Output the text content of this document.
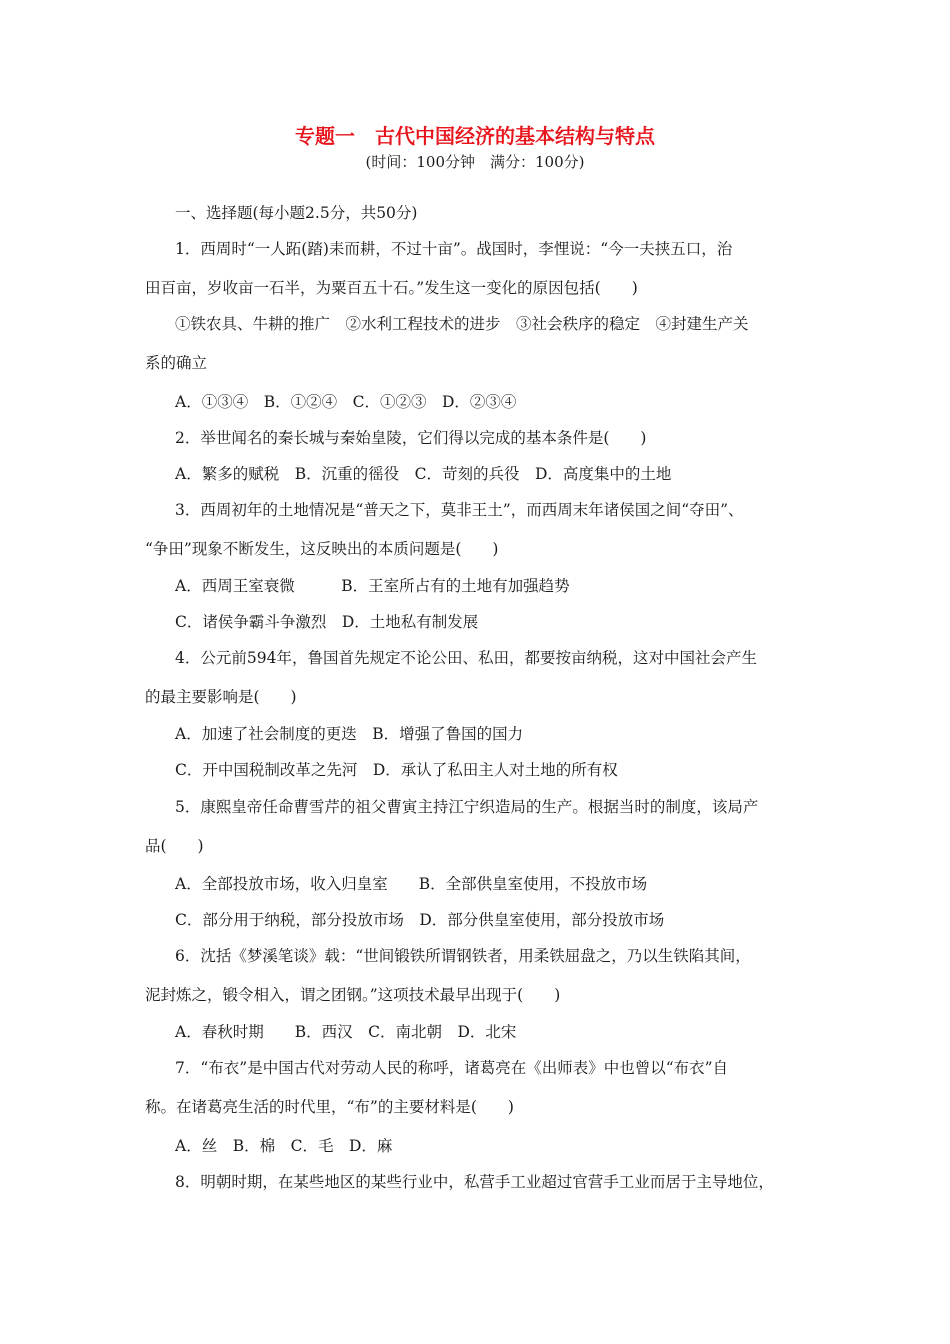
专题一　古代中国经济的基本结构与特点
(时间：100分钟　满分：100分)
一、选择题(每小题2.5分，共50分)
1．西周时“一人跖(踏)耒而耕，不过十亩”。战国时，李悝说：“今一夫挟五口，治
田百亩，岁收亩一石半，为粟百五十石。”发生这一变化的原因包括(　　)
①铁农具、牛耕的推广　②水利工程技术的进步　③社会秩序的稳定　④封建生产关
系的确立
A．①③④　B．①②④　C．①②③　D．②③④
2．举世闻名的秦长城与秦始皇陵，它们得以完成的基本条件是(　　)
A．繁多的赋税　B．沉重的徭役　C．苛刻的兵役　D．高度集中的土地
3．西周初年的土地情况是“普天之下，莫非王土”，而西周末年诸侯国之间“夺田”、
“争田”现象不断发生，这反映出的本质问题是(　　)
A．西周王室衰微　　　B．王室所占有的土地有加强趋势
C．诸侯争霸斗争激烈　D．土地私有制发展
4．公元前594年，鲁国首先规定不论公田、私田，都要按亩纳税，这对中国社会产生
的最主要影响是(　　)
A．加速了社会制度的更迭　B．增强了鲁国的国力
C．开中国税制改革之先河　D．承认了私田主人对土地的所有权
5．康熙皇帝任命曹雪芹的祖父曹寅主持江宁织造局的生产。根据当时的制度，该局产
品(　　)
A．全部投放市场，收入归皇室　　B．全部供皇室使用，不投放市场
C．部分用于纳税，部分投放市场　D．部分供皇室使用，部分投放市场
6．沈括《梦溪笔谈》载：“世间锻铁所谓钢铁者，用柔铁屈盘之，乃以生铁陷其间，
泥封炼之，锻令相入，谓之团钢。”这项技术最早出现于(　　)
A．春秋时期　　B．西汉　C．南北朝　D．北宋
7．“布衣”是中国古代对劳动人民的称呼，诸葛亮在《出师表》中也曾以“布衣”自
称。在诸葛亮生活的时代里，“布”的主要材料是(　　)
A．丝　B．棉　C．毛　D．麻
8．明朝时期，在某些地区的某些行业中，私营手工业超过官营手工业而居于主导地位，
